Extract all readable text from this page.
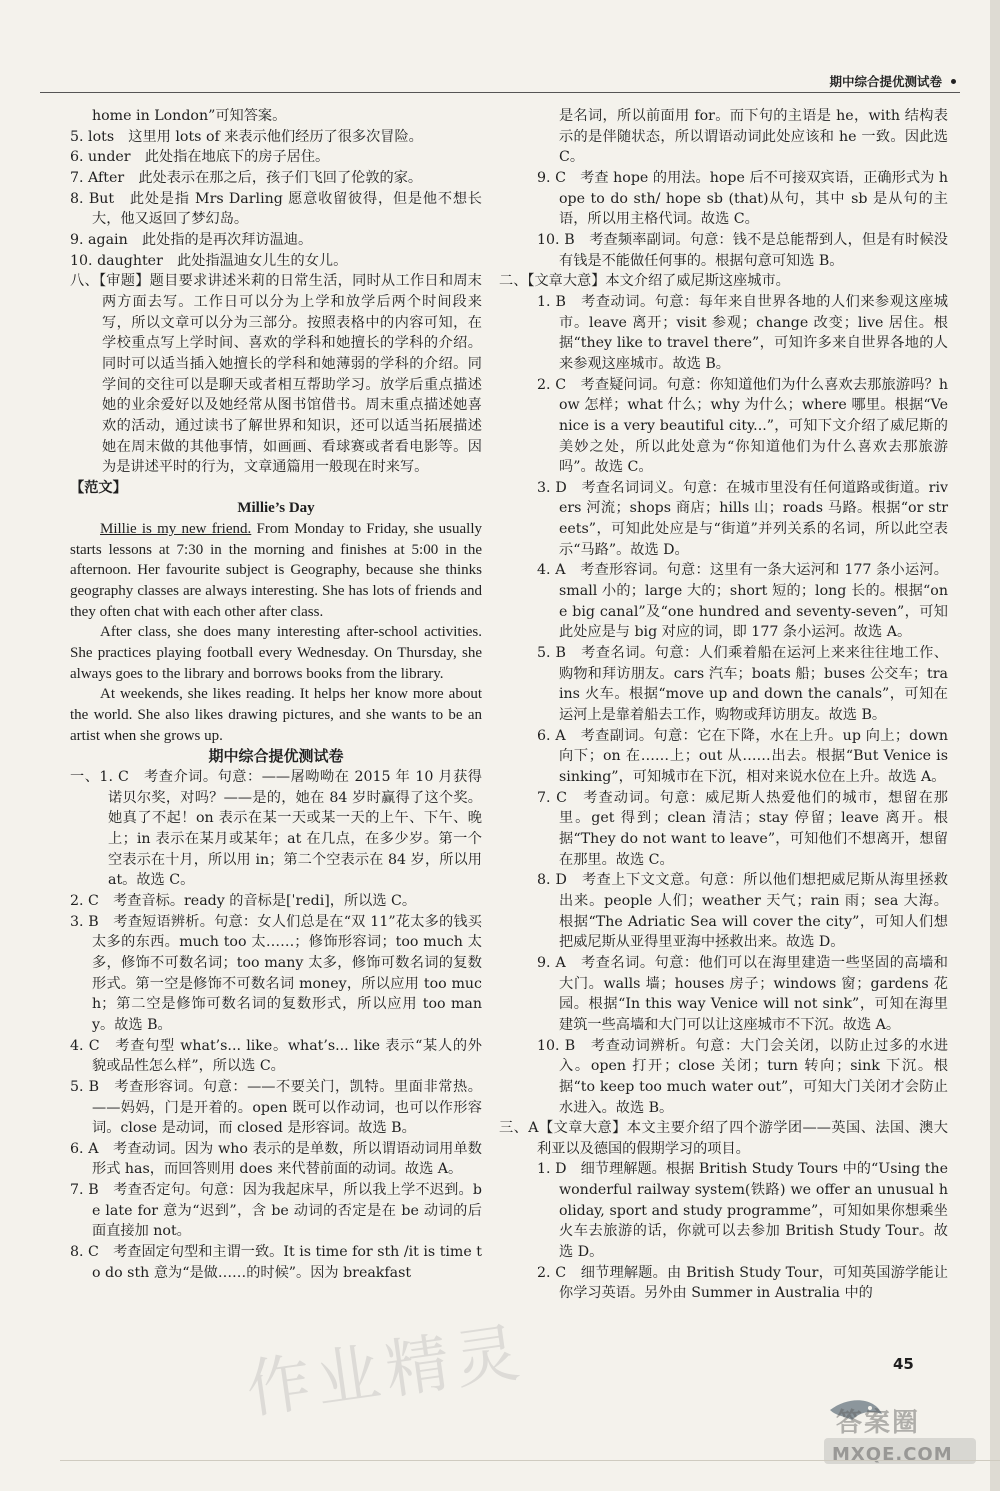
期中综合提优测试卷
home in London”可知答案。
5. lots　这里用 lots of 来表示他们经历了很多次冒险。
6. under　此处指在地底下的房子居住。
7. After　此处表示在那之后，孩子们飞回了伦敦的家。
8. But　此处是指 Mrs Darling 愿意收留彼得，但是他不想长大，他又返回了梦幻岛。
9. again　此处指的是再次拜访温迪。
10. daughter　此处指温迪女儿生的女儿。
八、【审题】题目要求讲述米莉的日常生活，同时从工作日和周末两方面去写。工作日可以分为上学和放学后两个时间段来写，所以文章可以分为三部分。按照表格中的内容可知，在学校重点写上学时间、喜欢的学科和她擅长的学科的介绍。同时可以适当插入她擅长的学科和她薄弱的学科的介绍。同学间的交往可以是聊天或者相互帮助学习。放学后重点描述她的业余爱好以及她经常从图书馆借书。周末重点描述她喜欢的活动，通过读书了解世界和知识，还可以适当拓展描述她在周末做的其他事情，如画画、看球赛或者看电影等。因为是讲述平时的行为，文章通篇用一般现在时来写。
【范文】
Millie’s Day
Millie is my new friend. From Monday to Friday, she usually starts lessons at 7:30 in the morning and finishes at 5:00 in the afternoon. Her favourite subject is Geography, because she thinks geography classes are always interesting. She has lots of friends and they often chat with each other after class.
After class, she does many interesting after-school activities. She practices playing football every Wednesday. On Thursday, she always goes to the library and borrows books from the library.
At weekends, she likes reading. It helps her know more about the world. She also likes drawing pictures, and she wants to be an artist when she grows up.
期中综合提优测试卷
一、1. C　考查介词。句意：——屠呦呦在 2015 年 10 月获得诺贝尔奖，对吗？——是的，她在 84 岁时赢得了这个奖。她真了不起！on 表示在某一天或某一天的上午、下午、晚上；in 表示在某月或某年；at 在几点，在多少岁。第一个空表示在十月，所以用 in；第二个空表示在 84 岁，所以用 at。故选 C。
2. C　考查音标。ready 的音标是[ˈredi]，所以选 C。
3. B　考查短语辨析。句意：女人们总是在“双 11”花太多的钱买太多的东西。much too 太……；修饰形容词；too much 太多，修饰不可数名词；too many 太多，修饰可数名词的复数形式。第一空是修饰不可数名词 money，所以应用 too much；第二空是修饰可数名词的复数形式，所以应用 too many。故选 B。
4. C　考查句型 what’s... like。what’s... like 表示“某人的外貌或品性怎么样”，所以选 C。
5. B　考查形容词。句意：——不要关门，凯特。里面非常热。——妈妈，门是开着的。open 既可以作动词，也可以作形容词。close 是动词，而 closed 是形容词。故选 B。
6. A　考查动词。因为 who 表示的是单数，所以谓语动词用单数形式 has，而回答则用 does 来代替前面的动词。故选 A。
7. B　考查否定句。句意：因为我起床早，所以我上学不迟到。be late for 意为“迟到”，含 be 动词的否定是在 be 动词的后面直接加 not。
8. C　考查固定句型和主谓一致。It is time for sth /it is time to do sth 意为“是做……的时候”。因为 breakfast
是名词，所以前面用 for。而下句的主语是 he，with 结构表示的是伴随状态，所以谓语动词此处应该和 he 一致。因此选 C。
9. C　考查 hope 的用法。hope 后不可接双宾语，正确形式为 hope to do sth/ hope sb (that)从句，其中 sb 是从句的主语，所以用主格代词。故选 C。
10. B　考查频率副词。句意：钱不是总能帮到人，但是有时候没有钱是不能做任何事的。根据句意可知选 B。
二、【文章大意】本文介绍了威尼斯这座城市。
1. B　考查动词。句意：每年来自世界各地的人们来参观这座城市。leave 离开；visit 参观；change 改变；live 居住。根据“they like to travel there”，可知许多来自世界各地的人来参观这座城市。故选 B。
2. C　考查疑问词。句意：你知道他们为什么喜欢去那旅游吗？how 怎样；what 什么；why 为什么；where 哪里。根据“Venice is a very beautiful city...”，可知下文介绍了威尼斯的美妙之处，所以此处意为“你知道他们为什么喜欢去那旅游吗”。故选 C。
3. D　考查名词词义。句意：在城市里没有任何道路或街道。rivers 河流；shops 商店；hills 山；roads 马路。根据“or streets”，可知此处应是与“街道”并列关系的名词，所以此空表示“马路”。故选 D。
4. A　考查形容词。句意：这里有一条大运河和 177 条小运河。small 小的；large 大的；short 短的；long 长的。根据“one big canal”及“one hundred and seventy-seven”，可知此处应是与 big 对应的词，即 177 条小运河。故选 A。
5. B　考查名词。句意：人们乘着船在运河上来来往往地工作、购物和拜访朋友。cars 汽车；boats 船；buses 公交车；trains 火车。根据“move up and down the canals”，可知在运河上是靠着船去工作，购物或拜访朋友。故选 B。
6. A　考查副词。句意：它在下降，水在上升。up 向上；down 向下；on 在……上；out 从……出去。根据“But Venice is sinking”，可知城市在下沉，相对来说水位在上升。故选 A。
7. C　考查动词。句意：威尼斯人热爱他们的城市，想留在那里。get 得到；clean 清洁；stay 停留；leave 离开。根据“They do not want to leave”，可知他们不想离开，想留在那里。故选 C。
8. D　考查上下文文意。句意：所以他们想把威尼斯从海里拯救出来。people 人们；weather 天气；rain 雨；sea 大海。根据“The Adriatic Sea will cover the city”，可知人们想把威尼斯从亚得里亚海中拯救出来。故选 D。
9. A　考查名词。句意：他们可以在海里建造一些坚固的高墙和大门。walls 墙；houses 房子；windows 窗；gardens 花园。根据“In this way Venice will not sink”，可知在海里建筑一些高墙和大门可以让这座城市不下沉。故选 A。
10. B　考查动词辨析。句意：大门会关闭，以防止过多的水进入。open 打开；close 关闭；turn 转向；sink 下沉。根据“to keep too much water out”，可知大门关闭才会防止水进入。故选 B。
三、A【文章大意】本文主要介绍了四个游学团——英国、法国、澳大利亚以及德国的假期学习的项目。
1. D　细节理解题。根据 British Study Tours 中的“Using the wonderful railway system(铁路) we offer an unusual holiday, sport and study programme”，可知如果你想乘坐火车去旅游的话，你就可以去参加 British Study Tour。故选 D。
2. C　细节理解题。由 British Study Tour，可知英国游学能让你学习英语。另外由 Summer in Australia 中的
作业精灵	45
答案圈
MXQE.COM
